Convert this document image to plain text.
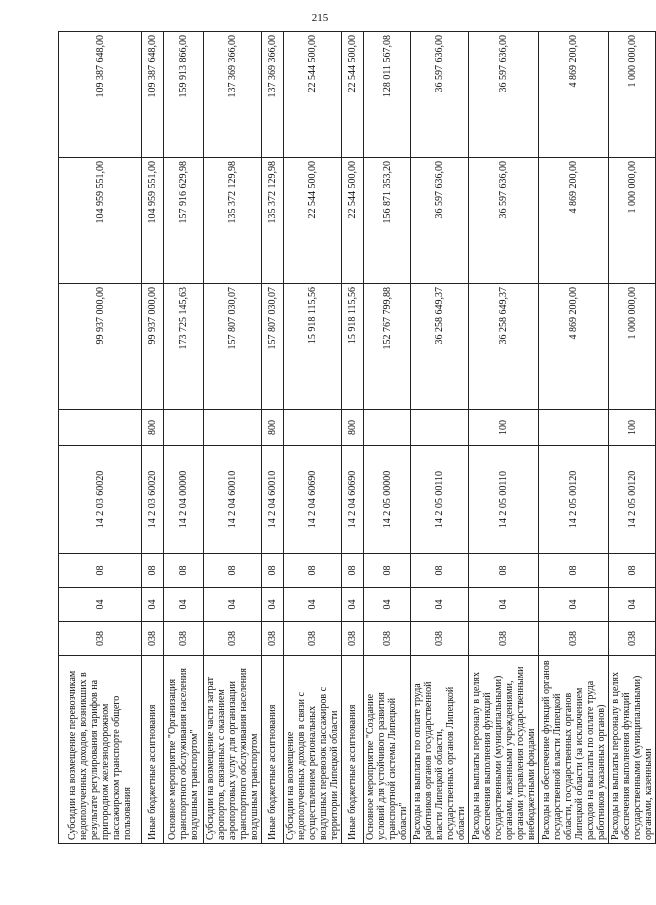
215
Субсидии на возмещение перевозчикам недополученных доходов, возникших в результате регулирования тарифов на пригородном железнодорожном пассажирском транспорте общего пользования	038	04	08	14 2 03 60020		99 937 000,00	104 959 551,00	109 387 648,00
Иные бюджетные ассигнования	038	04	08	14 2 03 60020	800	99 937 000,00	104 959 551,00	109 387 648,00
Основное мероприятие "Организация транспортного обслуживания населения воздушным транспортом"	038	04	08	14 2 04 00000		173 725 145,63	157 916 629,98	159 913 866,00
Субсидии на возмещение части затрат аэропортов, связанных с оказанием аэропортовых услуг для организации транспортного обслуживания населения воздушным транспортом	038	04	08	14 2 04 60010		157 807 030,07	135 372 129,98	137 369 366,00
Иные бюджетные ассигнования	038	04	08	14 2 04 60010	800	157 807 030,07	135 372 129,98	137 369 366,00
Субсидии на возмещение недополученных доходов в связи с осуществлением региональных воздушных перевозок пассажиров с территории Липецкой области	038	04	08	14 2 04 60690		15 918 115,56	22 544 500,00	22 544 500,00
Иные бюджетные ассигнования	038	04	08	14 2 04 60690	800	15 918 115,56	22 544 500,00	22 544 500,00
Основное мероприятие "Создание условий для устойчивого развития транспортной системы Липецкой области"	038	04	08	14 2 05 00000		152 767 799,88	156 871 353,20	128 011 567,08
Расходы на выплаты по оплате труда работников органов государственной власти Липецкой области, государственных органов Липецкой области	038	04	08	14 2 05 00110		36 258 649,37	36 597 636,00	36 597 636,00
Расходы на выплаты персоналу в целях обеспечения выполнения функций государственными (муниципальными) органами, казенными учреждениями, органами управления государственными внебюджетными фондами	038	04	08	14 2 05 00110	100	36 258 649,37	36 597 636,00	36 597 636,00
Расходы на обеспечение функций органов государственной власти Липецкой области, государственных органов Липецкой области (за исключением расходов на выплаты по оплате труда работников указанных органов)	038	04	08	14 2 05 00120		4 869 200,00	4 869 200,00	4 869 200,00
Расходы на выплаты персоналу в целях обеспечения выполнения функций государственными (муниципальными) органами, казенными	038	04	08	14 2 05 00120	100	1 000 000,00	1 000 000,00	1 000 000,00
